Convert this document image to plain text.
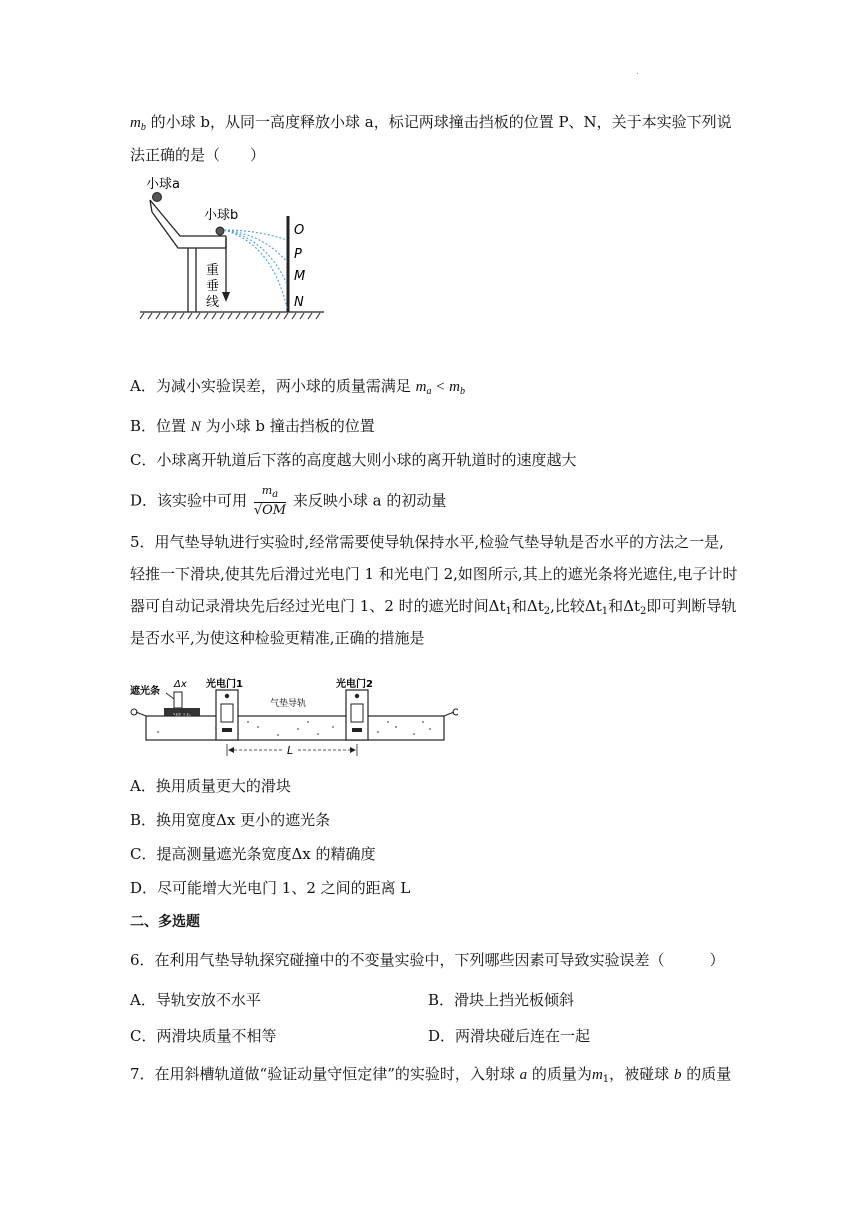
.
$m_b$ 的小球 b，从同一高度释放小球 a，标记两球撞击挡板的位置 P、N，关于本实验下列说
法正确的是（　　）
小球a
小球b
重
垂
线
O
P
M
N
A．为减小实验误差，两小球的质量需满足 $m_a < m_b$
B．位置 N 为小球 b 撞击挡板的位置
C．小球离开轨道后下落的高度越大则小球的离开轨道时的速度越大
D．该实验中可用 $\frac{m_a}{√OM}$ 来反映小球 a 的初动量
5．用气垫导轨进行实验时,经常需要使导轨保持水平,检验气垫导轨是否水平的方法之一是,
轻推一下滑块,使其先后滑过光电门 1 和光电门 2,如图所示,其上的遮光条将光遮住,电子计时
器可自动记录滑块先后经过光电门 1、2 时的遮光时间$\Delta t_1$和$\Delta t_2$,比较$\Delta t_1$和$\Delta t_2$即可判断导轨
是否水平,为使这种检验更精准,正确的措施是
遮光条
Δx 光电门1	光电门2
气垫导轨
L
A．换用质量更大的滑块
B．换用宽度Δx 更小的遮光条
C．提高测量遮光条宽度Δx 的精确度
D．尽可能增大光电门 1、2 之间的距离 L
二、多选题
6．在利用气垫导轨探究碰撞中的不变量实验中，下列哪些因素可导致实验误差（　　　）
A．导轨安放不水平	B．滑块上挡光板倾斜
C．两滑块质量不相等	D．两滑块碰后连在一起
7．在用斜槽轨道做“验证动量守恒定律”的实验时，入射球 a 的质量为$m_1$，被碰球 b 的质量
